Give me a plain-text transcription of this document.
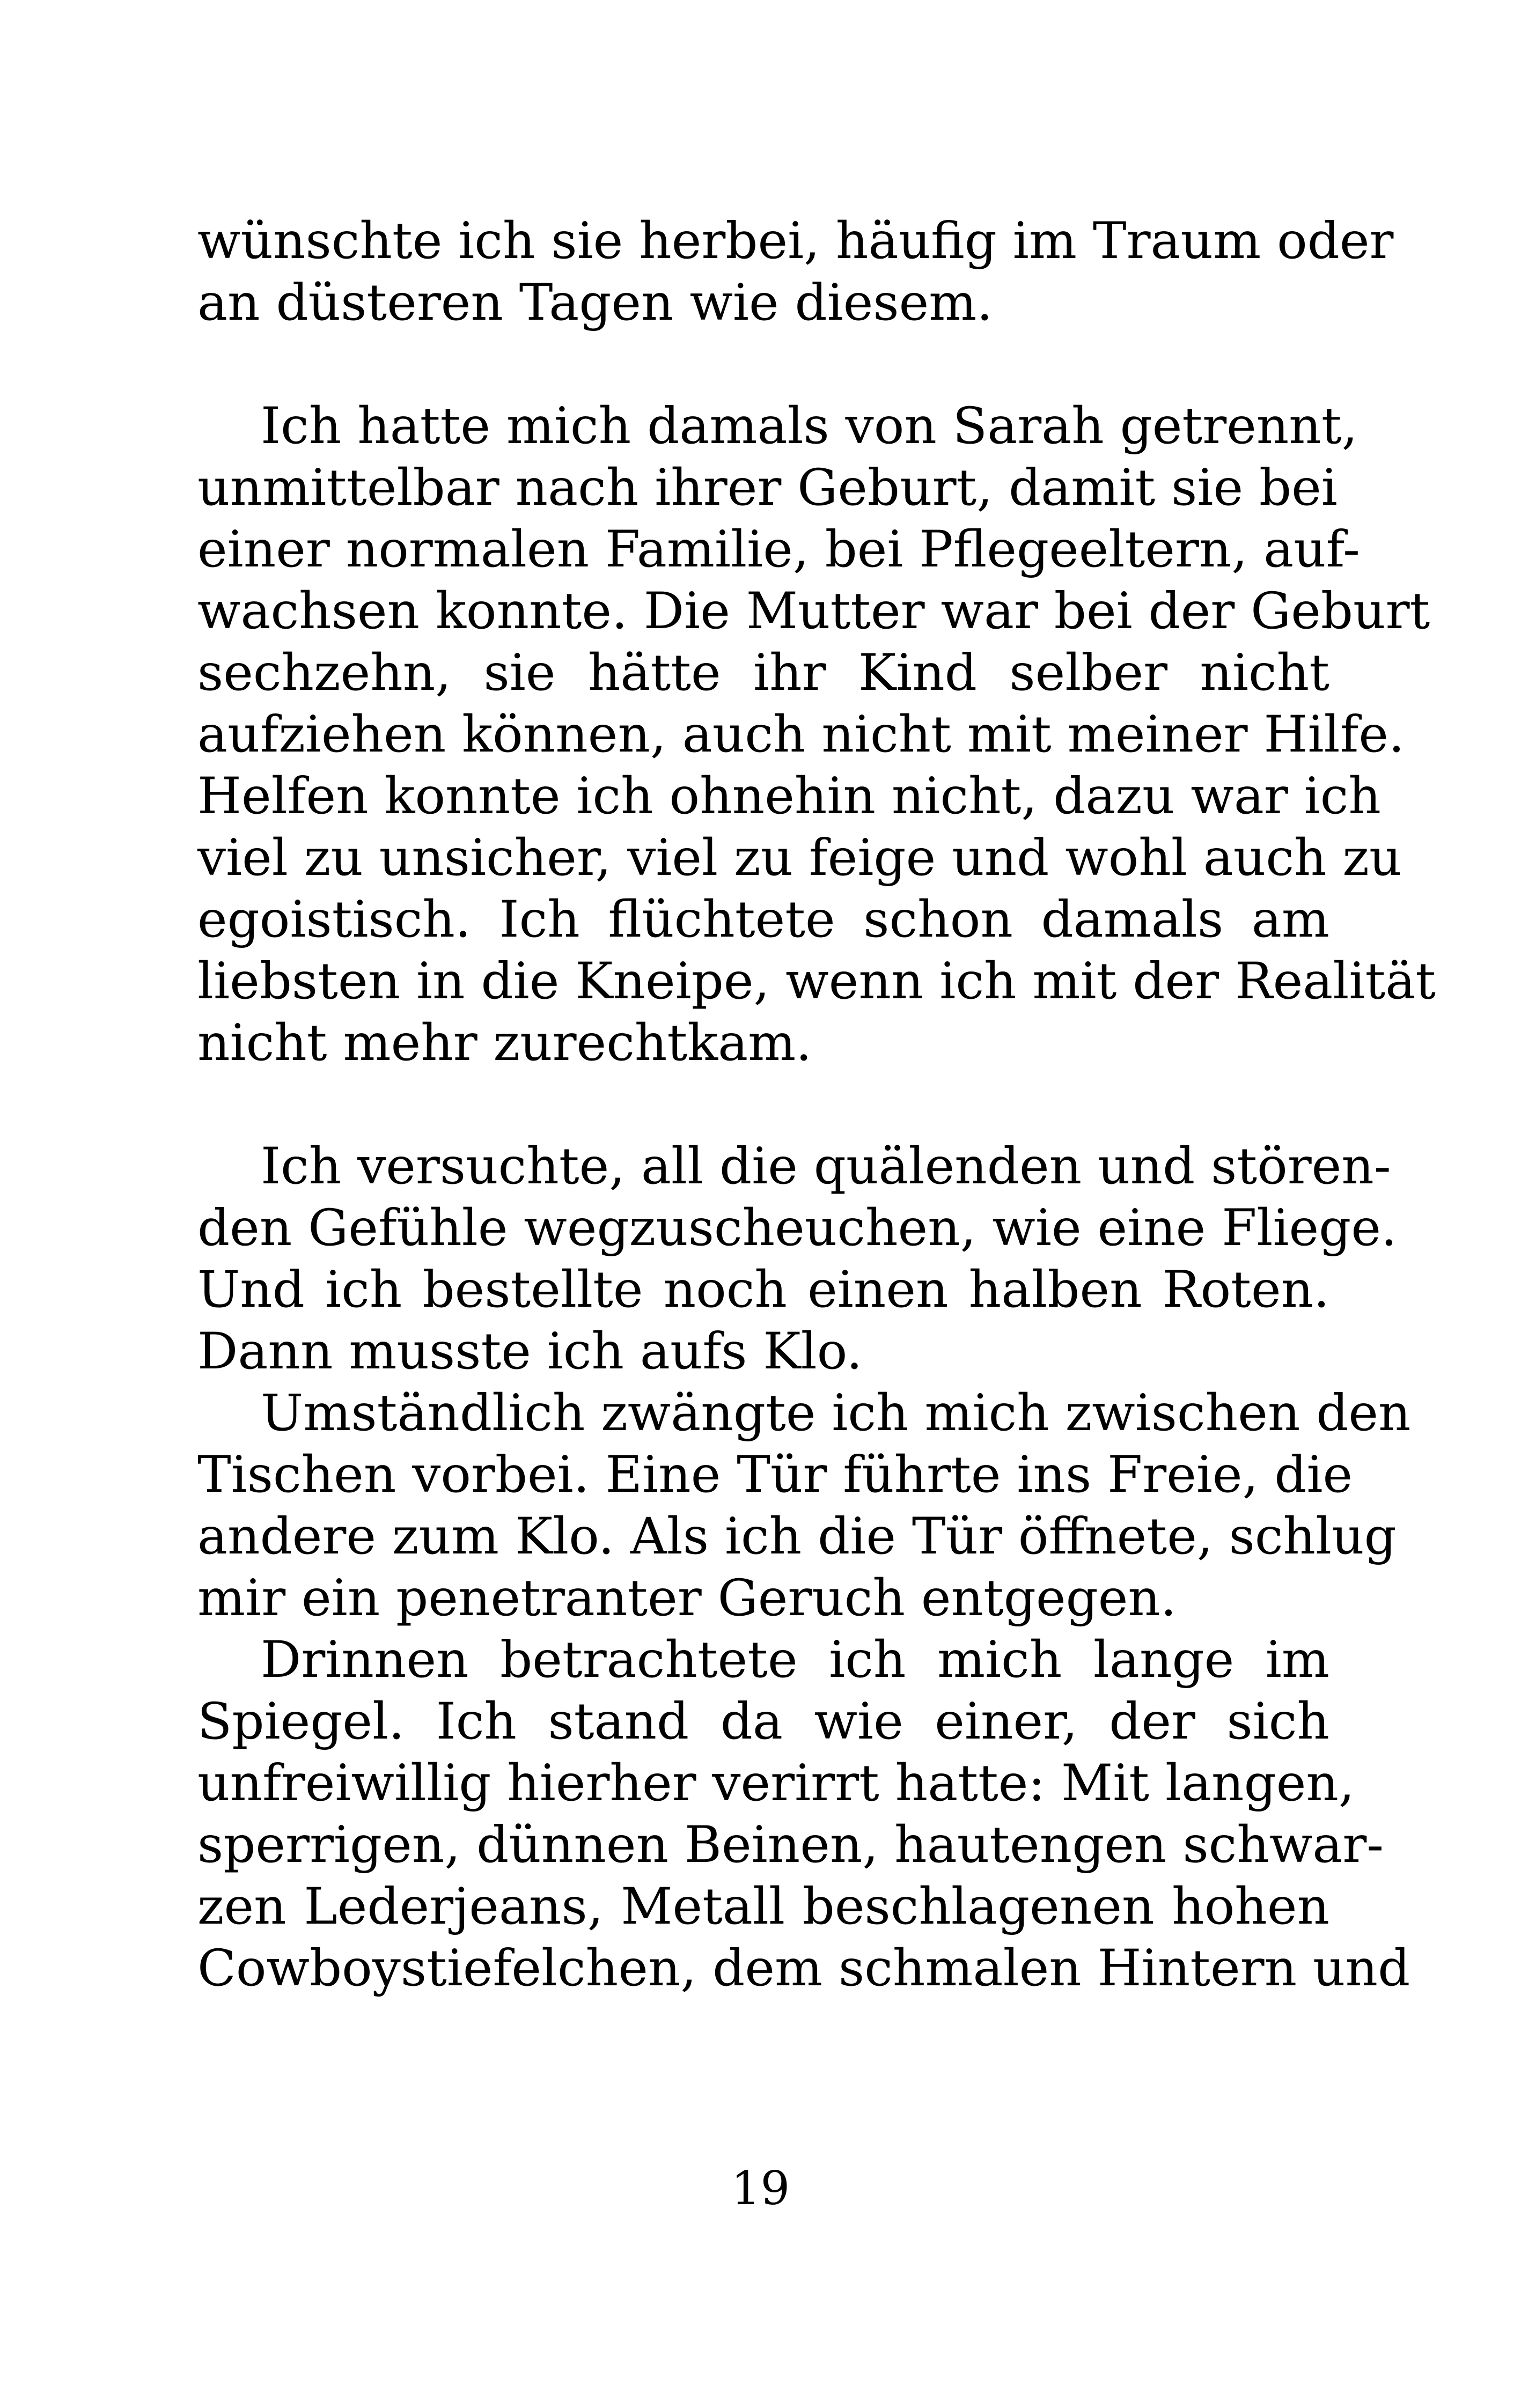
wünschte ich sie herbei, häufig im Traum oder
an düsteren Tagen wie diesem.
Ich hatte mich damals von Sarah getrennt,
unmittelbar nach ihrer Geburt, damit sie bei
einer normalen Familie, bei Pflegeeltern, auf-
wachsen konnte. Die Mutter war bei der Geburt
sechzehn, sie hätte ihr Kind selber nicht
aufziehen können, auch nicht mit meiner Hilfe.
Helfen konnte ich ohnehin nicht, dazu war ich
viel zu unsicher, viel zu feige und wohl auch zu
egoistisch. Ich flüchtete schon damals am
liebsten in die Kneipe, wenn ich mit der Realität
nicht mehr zurechtkam.
Ich versuchte, all die quälenden und stören-
den Gefühle wegzuscheuchen, wie eine Fliege.
Und ich bestellte noch einen halben Roten.
Dann musste ich aufs Klo.
Umständlich zwängte ich mich zwischen den
Tischen vorbei. Eine Tür führte ins Freie, die
andere zum Klo. Als ich die Tür öffnete, schlug
mir ein penetranter Geruch entgegen.
Drinnen betrachtete ich mich lange im
Spiegel. Ich stand da wie einer, der sich
unfreiwillig hierher verirrt hatte: Mit langen,
sperrigen, dünnen Beinen, hautengen schwar-
zen Lederjeans, Metall beschlagenen hohen
Cowboystiefelchen, dem schmalen Hintern und
19
